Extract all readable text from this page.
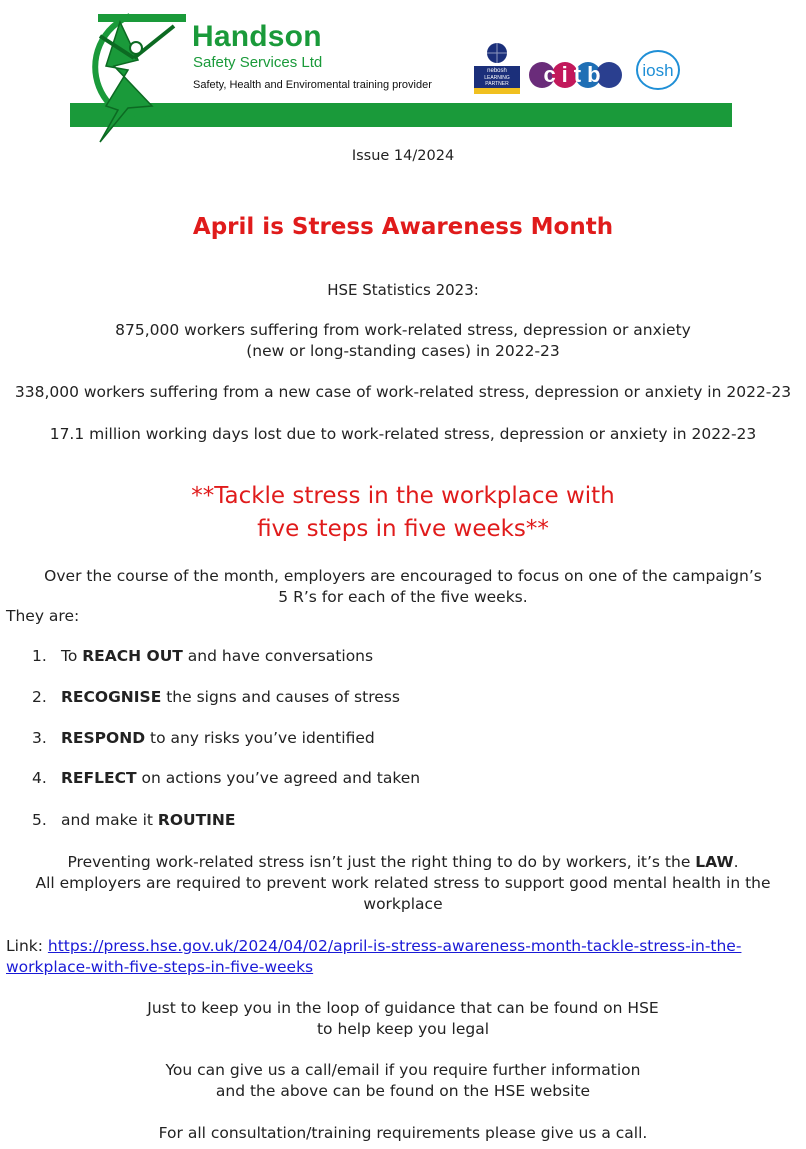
Handson
Safety Services Ltd
Safety, Health and Enviromental training provider
nebosh
LEARNING
PARTNER citb iosh
Issue 14/2024
April is Stress Awareness Month
HSE Statistics 2023:
875,000 workers suffering from work-related stress, depression or anxiety
(new or long-standing cases) in 2022-23
338,000 workers suffering from a new case of work-related stress, depression or anxiety in 2022-23
17.1 million working days lost due to work-related stress, depression or anxiety in 2022-23
**Tackle stress in the workplace with
five steps in five weeks**
Over the course of the month, employers are encouraged to focus on one of the campaign’s
5 R’s for each of the five weeks.
They are:
1. To REACH OUT and have conversations
2. RECOGNISE the signs and causes of stress
3. RESPOND to any risks you’ve identified
4. REFLECT on actions you’ve agreed and taken
5. and make it ROUTINE
Preventing work-related stress isn’t just the right thing to do by workers, it’s the LAW.
All employers are required to prevent work related stress to support good mental health in the
workplace
Link: https://press.hse.gov.uk/2024/04/02/april-is-stress-awareness-month-tackle-stress-in-the-
workplace-with-five-steps-in-five-weeks
Just to keep you in the loop of guidance that can be found on HSE
to help keep you legal
You can give us a call/email if you require further information
and the above can be found on the HSE website
For all consultation/training requirements please give us a call.
